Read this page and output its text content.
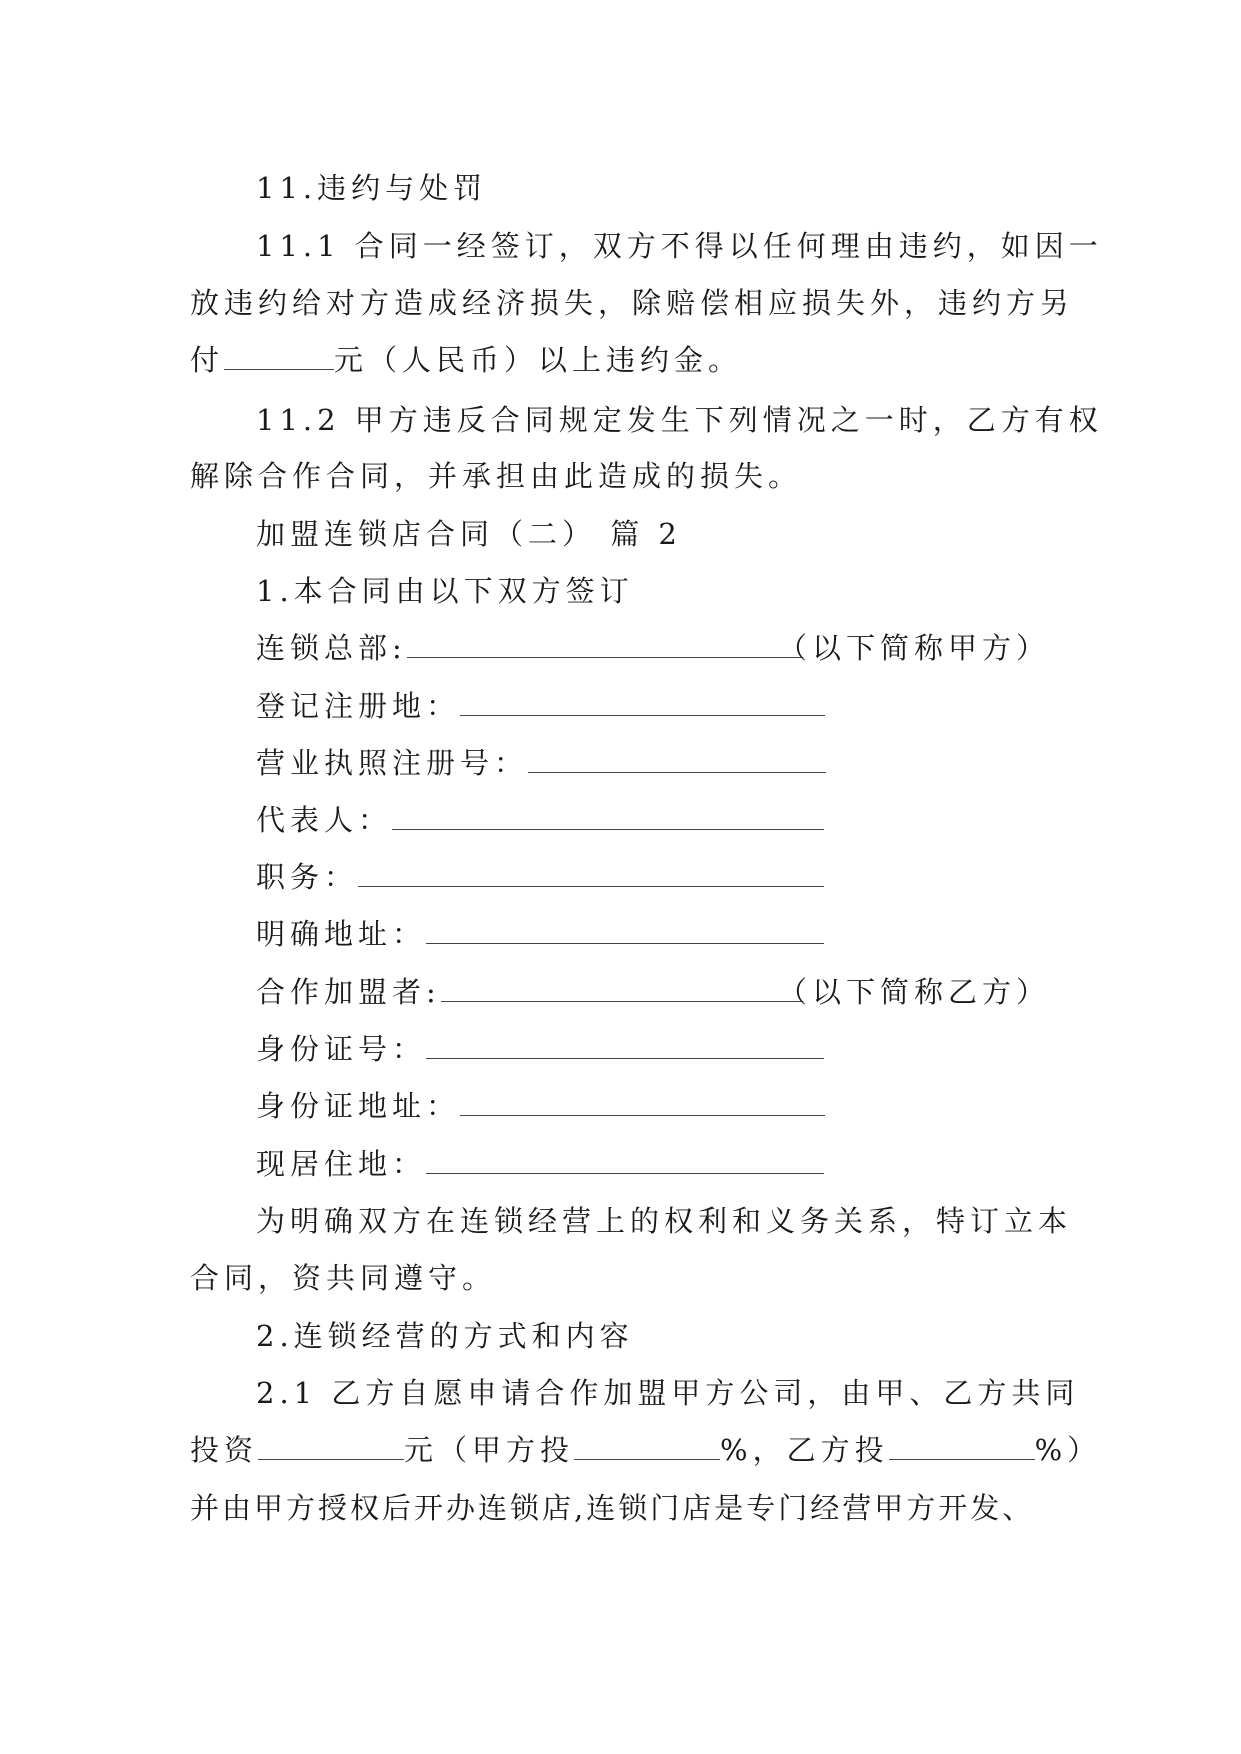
11.违约与处罚
11.1 合同一经签订，双方不得以任何理由违约，如因一
放违约给对方造成经济损失，除赔偿相应损失外，违约方另
付	元（人民币）以上违约金。
11.2 甲方违反合同规定发生下列情况之一时，乙方有权
解除合作合同，并承担由此造成的损失。
加盟连锁店合同（二） 篇 2
1.本合同由以下双方签订
连锁总部:	（以下简称甲方）
登记注册地：
营业执照注册号：
代表人：
职务：
明确地址：
合作加盟者:	（以下简称乙方）
身份证号：
身份证地址：
现居住地：
为明确双方在连锁经营上的权利和义务关系，特订立本
合同，资共同遵守。
2.连锁经营的方式和内容
2.1 乙方自愿申请合作加盟甲方公司，由甲、乙方共同
投资	元（甲方投	%，乙方投	%）
并由甲方授权后开办连锁店,连锁门店是专门经营甲方开发、
